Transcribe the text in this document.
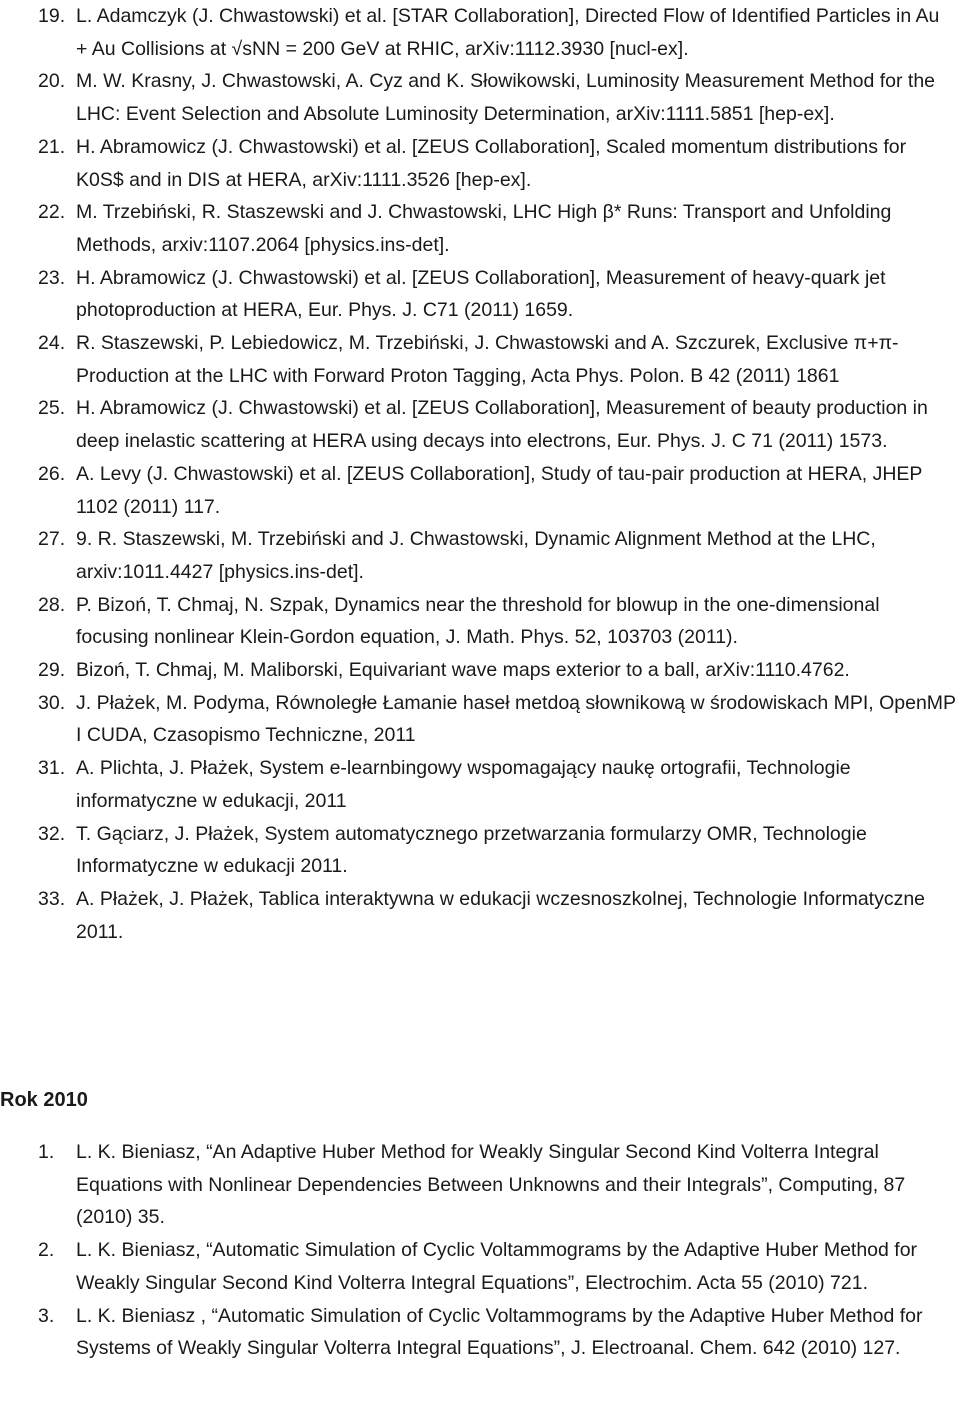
19. L. Adamczyk (J. Chwastowski) et al. [STAR Collaboration], Directed Flow of Identified Particles in Au + Au Collisions at √sNN = 200 GeV at RHIC, arXiv:1112.3930 [nucl-ex].
20. M. W. Krasny, J. Chwastowski, A. Cyz and K. Słowikowski, Luminosity Measurement Method for the LHC: Event Selection and Absolute Luminosity Determination, arXiv:1111.5851 [hep-ex].
21. H. Abramowicz (J. Chwastowski) et al. [ZEUS Collaboration], Scaled momentum distributions for K0S$ and in DIS at HERA, arXiv:1111.3526 [hep-ex].
22. M. Trzebiński, R. Staszewski and J. Chwastowski, LHC High β* Runs: Transport and Unfolding Methods, arxiv:1107.2064 [physics.ins-det].
23. H. Abramowicz (J. Chwastowski) et al. [ZEUS Collaboration], Measurement of heavy-quark jet photoproduction at HERA, Eur. Phys. J. C71 (2011) 1659.
24. R. Staszewski, P. Lebiedowicz, M. Trzebiński, J. Chwastowski and A. Szczurek, Exclusive π+π- Production at the LHC with Forward Proton Tagging, Acta Phys. Polon. B 42 (2011) 1861
25. H. Abramowicz (J. Chwastowski) et al. [ZEUS Collaboration], Measurement of beauty production in deep inelastic scattering at HERA using decays into electrons, Eur. Phys. J. C 71 (2011) 1573.
26. A. Levy (J. Chwastowski) et al. [ZEUS Collaboration], Study of tau-pair production at HERA, JHEP 1102 (2011) 117.
27. 9. R. Staszewski, M. Trzebiński and J. Chwastowski, Dynamic Alignment Method at the LHC, arxiv:1011.4427 [physics.ins-det].
28. P. Bizoń, T. Chmaj, N. Szpak, Dynamics near the threshold for blowup in the one-dimensional focusing nonlinear Klein-Gordon equation, J. Math. Phys. 52, 103703 (2011).
29. Bizoń, T. Chmaj, M. Maliborski, Equivariant wave maps exterior to a ball, arXiv:1110.4762.
30. J. Płażek, M. Podyma, Równoległe Łamanie haseł metdoą słownikową w środowiskach MPI, OpenMP I CUDA, Czasopismo Techniczne, 2011
31. A. Plichta, J. Płażek, System e-learnbingowy wspomagający naukę ortografii, Technologie informatyczne w edukacji, 2011
32. T. Gąciarz, J. Płażek, System automatycznego przetwarzania formularzy OMR, Technologie Informatyczne w edukacji 2011.
33. A. Płażek, J. Płażek, Tablica interaktywna w edukacji wczesnoszkolnej, Technologie Informatyczne 2011.
Rok 2010
1.	L. K. Bieniasz, “An Adaptive Huber Method for Weakly Singular Second Kind Volterra Integral Equations with Nonlinear Dependencies Between Unknowns and their Integrals”, Computing, 87 (2010) 35.
2.	L. K. Bieniasz, “Automatic Simulation of Cyclic Voltammograms by the Adaptive Huber Method for Weakly Singular Second Kind Volterra Integral Equations”, Electrochim. Acta 55 (2010) 721.
3.	L. K. Bieniasz , “Automatic Simulation of Cyclic Voltammograms by the Adaptive Huber Method for Systems of Weakly Singular Volterra Integral Equations”, J. Electroanal. Chem. 642 (2010) 127.
